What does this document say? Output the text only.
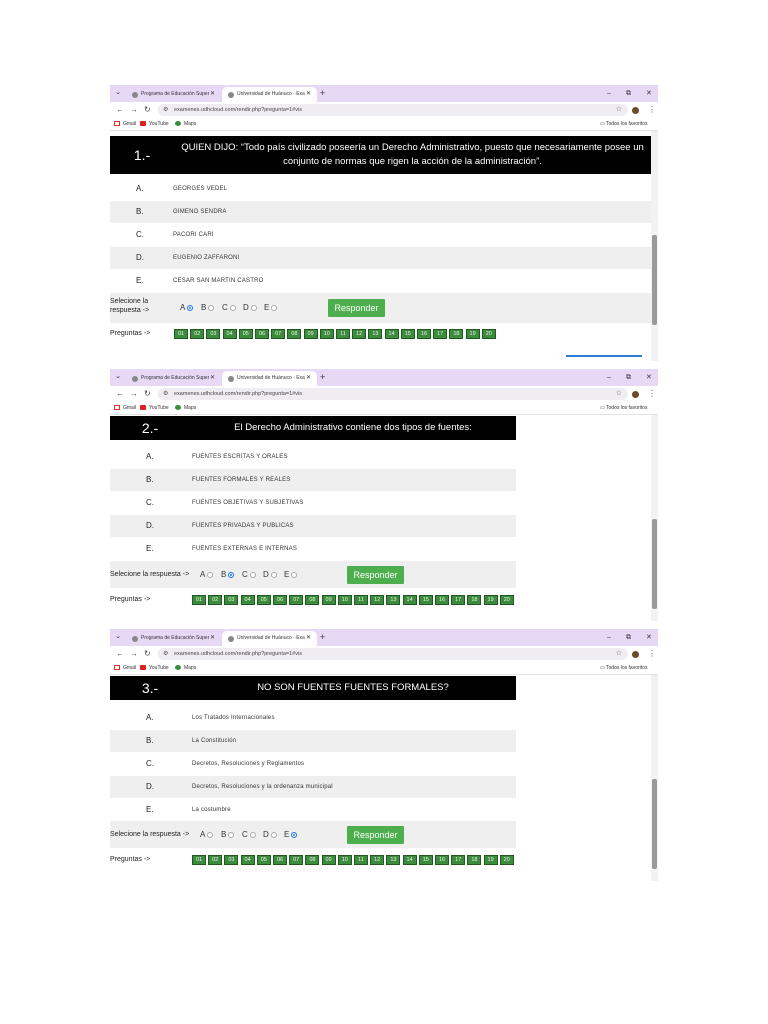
⌄	Programa de Educación Super ✕	Universidad de Huánuco - Exa ✕ +	– ⧉ ✕
← → ↻ ⚙ examenes.udhcloud.com/rendir.php?pregunta=1#vis	☆	⋮
Gmail	YouTube	Maps	▭ Todos los favoritos
1.-	QUIEN DIJO: “Todo país civilizado poseería un Derecho Administrativo, puesto que necesariamente posee un conjunto de normas que rigen la acción de la administración”.
A.	GEORGES VEDEL
B.	GIMENO SENDRA
C.	PACORI CARI
D.	EUGENIO ZAFFARONI
E.	CESAR SAN MARTIN CASTRO
Selecione la
respuesta ->	A	B	C	D	E	Responder
Preguntas ->	01	02	03	04	05	06	07	08	09	10	11	12	13	14	15	16	17	18	19	20
⌄	Programa de Educación Super ✕	Universidad de Huánuco - Exa ✕ +	– ⧉ ✕
← → ↻ ⚙ examenes.udhcloud.com/rendir.php?pregunta=1#vis	☆	⋮
Gmail	YouTube	Maps	▭ Todos los favoritos
2.-	El Derecho Administrativo contiene dos tipos de fuentes:
A.	FUENTES ESCRITAS Y ORALES
B.	FUENTES FORMALES Y REALES
C.	FUENTES OBJETIVAS Y SUBJETIVAS
D.	FUENTES PRIVADAS Y PUBLICAS
E.	FUENTES EXTERNAS E INTERNAS
Selecione la respuesta -> A	B	C	D	E	Responder
Preguntas ->	01	02	03	04	05	06	07	08	09	10	11	12	13	14	15	16	17	18	19	20
⌄	Programa de Educación Super ✕	Universidad de Huánuco - Exa ✕ +	– ⧉ ✕
← → ↻ ⚙ examenes.udhcloud.com/rendir.php?pregunta=1#vis	☆	⋮
Gmail	YouTube	Maps	▭ Todos los favoritos
3.-	NO SON FUENTES FUENTES FORMALES?
A.	Los Tratados Internacionales
B.	La Constitución
C.	Decretos, Resoluciones y Reglamentos
D.	Decretos, Resoluciones y la ordenanza municipal
E.	La costumbre
Selecione la respuesta -> A	B	C	D	E	Responder
Preguntas ->	01	02	03	04	05	06	07	08	09	10	11	12	13	14	15	16	17	18	19	20
